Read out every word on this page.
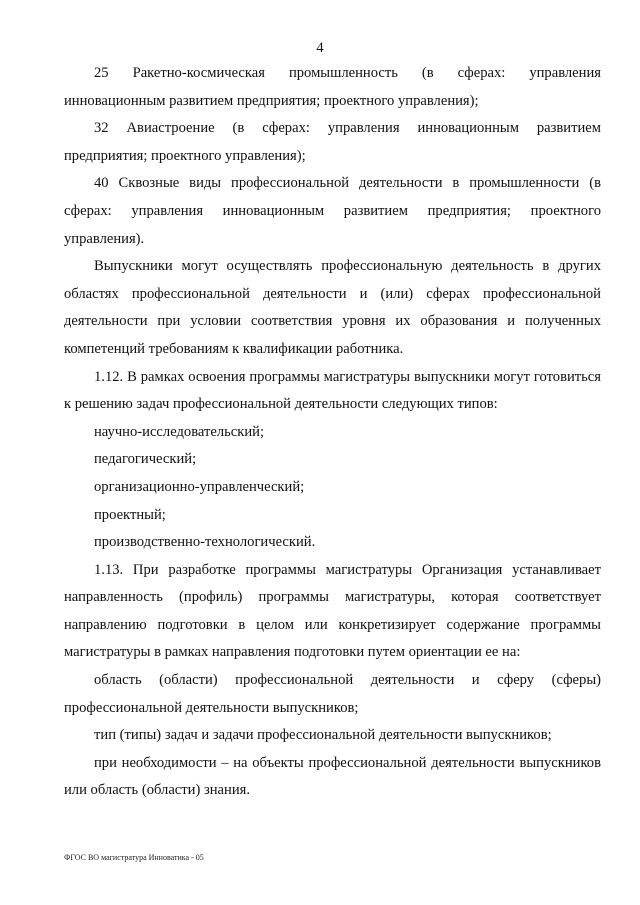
4

25 Ракетно-космическая промышленность (в сферах: управления инновационным развитием предприятия; проектного управления);

32 Авиастроение (в сферах: управления инновационным развитием предприятия; проектного управления);

40 Сквозные виды профессиональной деятельности в промышленности (в сферах: управления инновационным развитием предприятия; проектного управления).

Выпускники могут осуществлять профессиональную деятельность в других областях профессиональной деятельности и (или) сферах профессиональной деятельности при условии соответствия уровня их образования и полученных компетенций требованиям к квалификации работника.

1.12. В рамках освоения программы магистратуры выпускники могут готовиться к решению задач профессиональной деятельности следующих типов:

научно-исследовательский;

педагогический;

организационно-управленческий;

проектный;

производственно-технологический.

1.13. При разработке программы магистратуры Организация устанавливает направленность (профиль) программы магистратуры, которая соответствует направлению подготовки в целом или конкретизирует содержание программы магистратуры в рамках направления подготовки путем ориентации ее на:

область (области) профессиональной деятельности и сферу (сферы) профессиональной деятельности выпускников;

тип (типы) задач и задачи профессиональной деятельности выпускников;

при необходимости – на объекты профессиональной деятельности выпускников или область (области) знания.

ФГОС ВО магистратура Инноватика - 05
